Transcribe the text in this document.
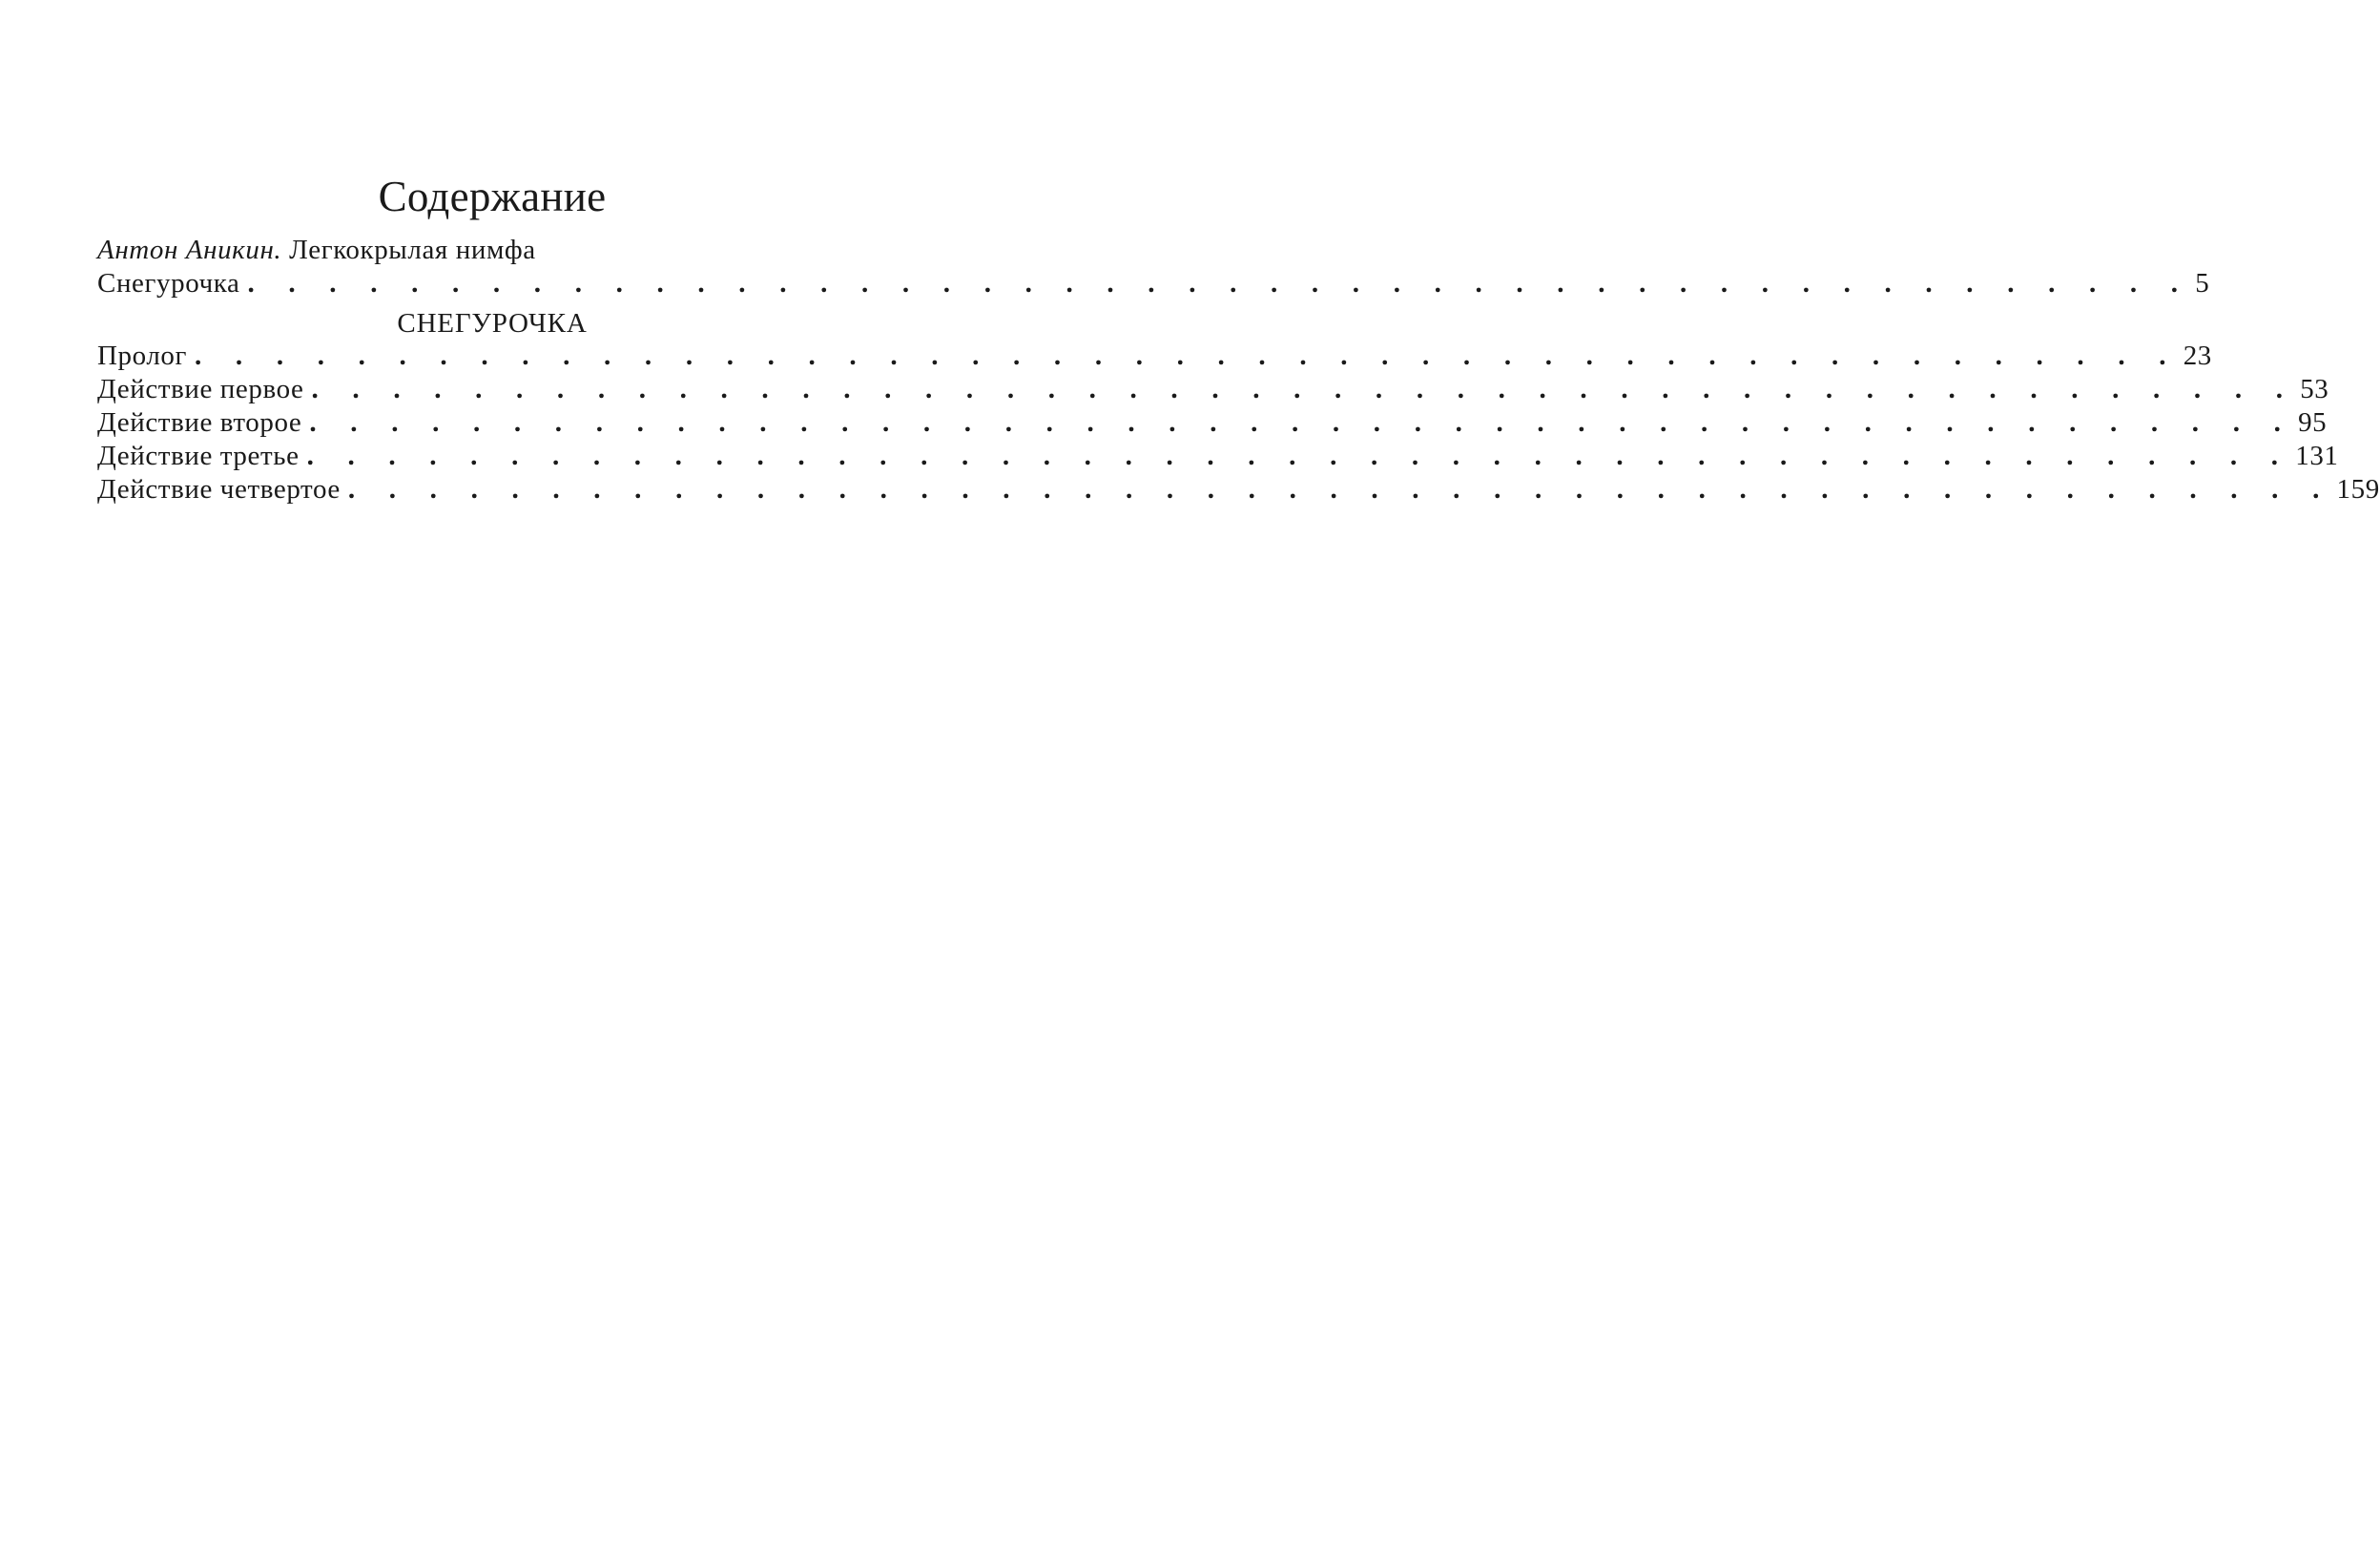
Содержание
Антон Аникин. Легкокрылая нимфа
Снегурочка . . . . . . . . . . . . . . . . . . . . . . . . . . . . . . . . . . . . . . . . . . . . . . . . 5
СНЕГУРОЧКА
Пролог . . . . . . . . . . . . . . . . . . . . . . . . . . . . . . . . . . . . . . . . . . . . . . . . . 23
Действие первое . . . . . . . . . . . . . . . . . . . . . . . . . . . . . . . . . . . . . . . . . . . . . . . . . 53
Действие второе . . . . . . . . . . . . . . . . . . . . . . . . . . . . . . . . . . . . . . . . . . . . . . . . . 95
Действие третье . . . . . . . . . . . . . . . . . . . . . . . . . . . . . . . . . . . . . . . . . . . . . . . . . 131
Действие четвертое . . . . . . . . . . . . . . . . . . . . . . . . . . . . . . . . . . . . . . . . . . . . . . . . . 159
